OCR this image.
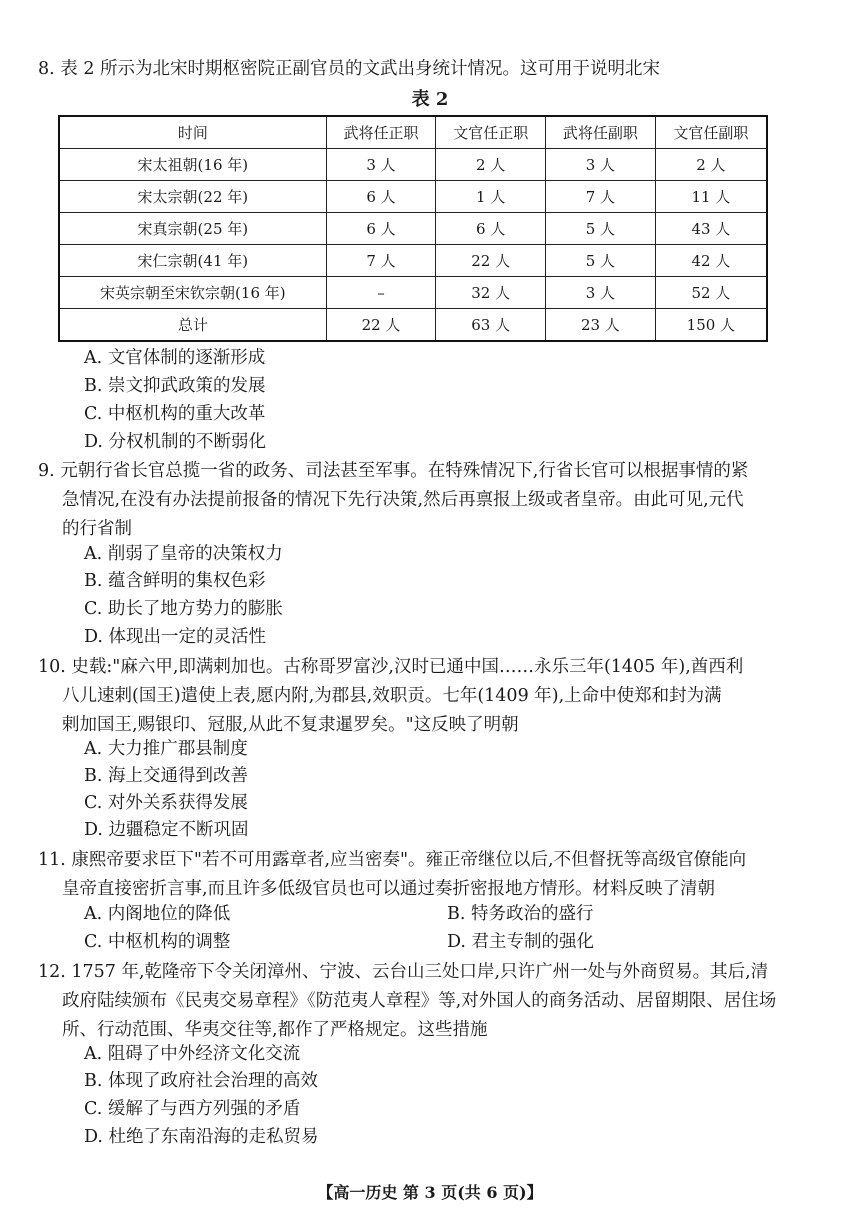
8. 表 2 所示为北宋时期枢密院正副官员的文武出身统计情况。这可用于说明北宋
表 2
时间	武将任正职	文官任正职	武将任副职	文官任副职
宋太祖朝(16 年)	3 人	2 人	3 人	2 人
宋太宗朝(22 年)	6 人	1 人	7 人	11 人
宋真宗朝(25 年)	6 人	6 人	5 人	43 人
宋仁宗朝(41 年)	7 人	22 人	5 人	42 人
宋英宗朝至宋钦宗朝(16 年)	–	32 人	3 人	52 人
总计	22 人	63 人	23 人	150 人
A. 文官体制的逐渐形成
B. 崇文抑武政策的发展
C. 中枢机构的重大改革
D. 分权机制的不断弱化
9. 元朝行省长官总揽一省的政务、司法甚至军事。在特殊情况下,行省长官可以根据事情的紧
急情况,在没有办法提前报备的情况下先行决策,然后再禀报上级或者皇帝。由此可见,元代
的行省制
A. 削弱了皇帝的决策权力
B. 蕴含鲜明的集权色彩
C. 助长了地方势力的膨胀
D. 体现出一定的灵活性
10. 史载:"麻六甲,即满剌加也。古称哥罗富沙,汉时已通中国……永乐三年(1405 年),酋西利
八儿速剌(国王)遣使上表,愿内附,为郡县,效职贡。七年(1409 年),上命中使郑和封为满
剌加国王,赐银印、冠服,从此不复隶暹罗矣。"这反映了明朝
A. 大力推广郡县制度
B. 海上交通得到改善
C. 对外关系获得发展
D. 边疆稳定不断巩固
11. 康熙帝要求臣下"若不可用露章者,应当密奏"。雍正帝继位以后,不但督抚等高级官僚能向
皇帝直接密折言事,而且许多低级官员也可以通过奏折密报地方情形。材料反映了清朝
A. 内阁地位的降低	B. 特务政治的盛行
C. 中枢机构的调整	D. 君主专制的强化
12. 1757 年,乾隆帝下令关闭漳州、宁波、云台山三处口岸,只许广州一处与外商贸易。其后,清
政府陆续颁布《民夷交易章程》《防范夷人章程》等,对外国人的商务活动、居留期限、居住场
所、行动范围、华夷交往等,都作了严格规定。这些措施
A. 阻碍了中外经济文化交流
B. 体现了政府社会治理的高效
C. 缓解了与西方列强的矛盾
D. 杜绝了东南沿海的走私贸易
【高一历史 第 3 页(共 6 页)】
